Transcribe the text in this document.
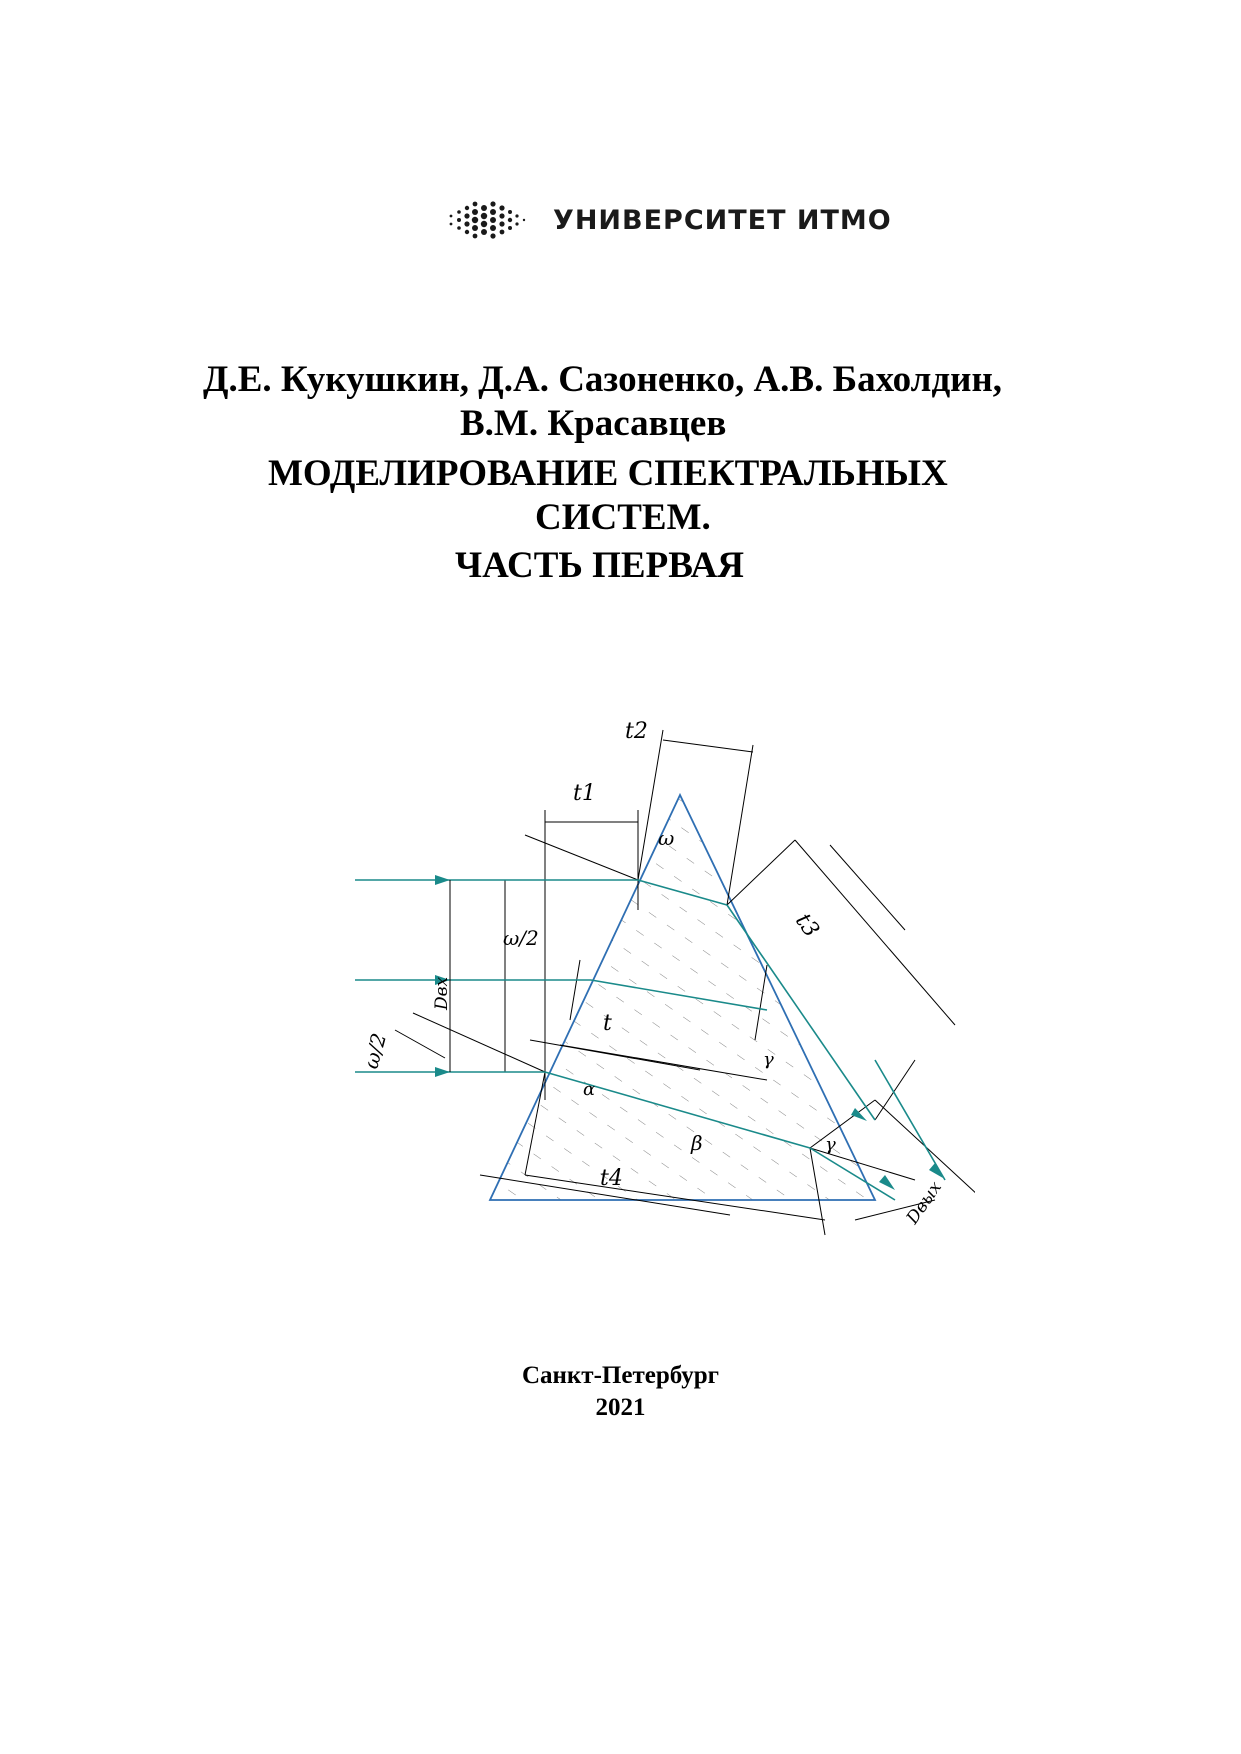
УНИВЕРСИТЕТ ИТМО
Д.Е. Кукушкин, Д.А. Сазоненко, А.В. Бахолдин,
В.М. Красавцев
МОДЕЛИРОВАНИЕ СПЕКТРАЛЬНЫХ
СИСТЕМ.
ЧАСТЬ ПЕРВАЯ
t1
t2
t3
t4
t
ω
ω/2
ω/2
Dвх
Dвых
α
β
γ
γ
Санкт-Петербург
2021
